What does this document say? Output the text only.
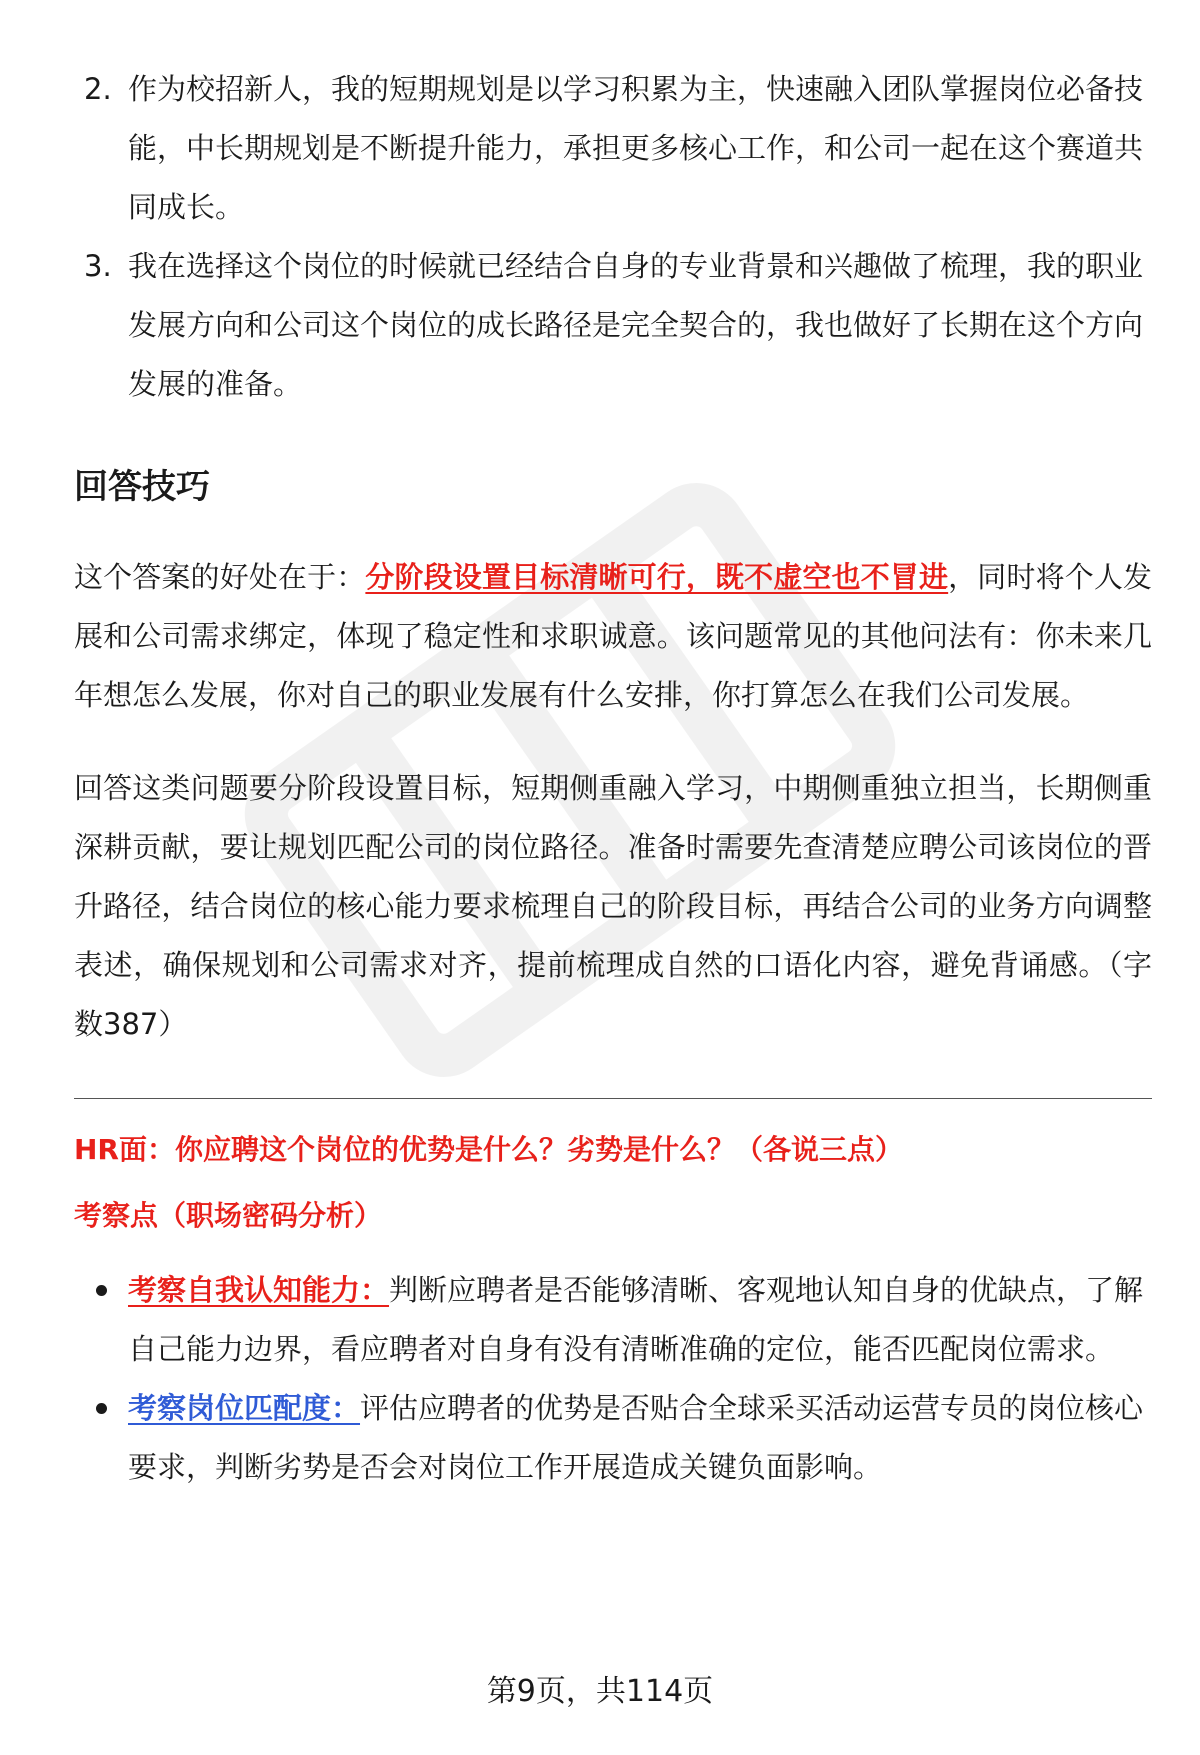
2. 作为校招新人，我的短期规划是以学习积累为主，快速融入团队掌握岗位必备技能，中长期规划是不断提升能力，承担更多核心工作，和公司一起在这个赛道共同成长。
3. 我在选择这个岗位的时候就已经结合自身的专业背景和兴趣做了梳理，我的职业发展方向和公司这个岗位的成长路径是完全契合的，我也做好了长期在这个方向发展的准备。
回答技巧

这个答案的好处在于：分阶段设置目标清晰可行，既不虚空也不冒进，同时将个人发展和公司需求绑定，体现了稳定性和求职诚意。该问题常见的其他问法有：你未来几年想怎么发展，你对自己的职业发展有什么安排，你打算怎么在我们公司发展。

回答这类问题要分阶段设置目标，短期侧重融入学习，中期侧重独立担当，长期侧重深耕贡献，要让规划匹配公司的岗位路径。准备时需要先查清楚应聘公司该岗位的晋升路径，结合岗位的核心能力要求梳理自己的阶段目标，再结合公司的业务方向调整表述，确保规划和公司需求对齐，提前梳理成自然的口语化内容，避免背诵感。（字数387）

HR面：你应聘这个岗位的优势是什么？劣势是什么？（各说三点）
考察点（职场密码分析）
考察自我认知能力：判断应聘者是否能够清晰、客观地认知自身的优缺点，了解自己能力边界，看应聘者对自身有没有清晰准确的定位，能否匹配岗位需求。
考察岗位匹配度：评估应聘者的优势是否贴合全球采买活动运营专员的岗位核心要求，判断劣势是否会对岗位工作开展造成关键负面影响。
第9页，共114页
